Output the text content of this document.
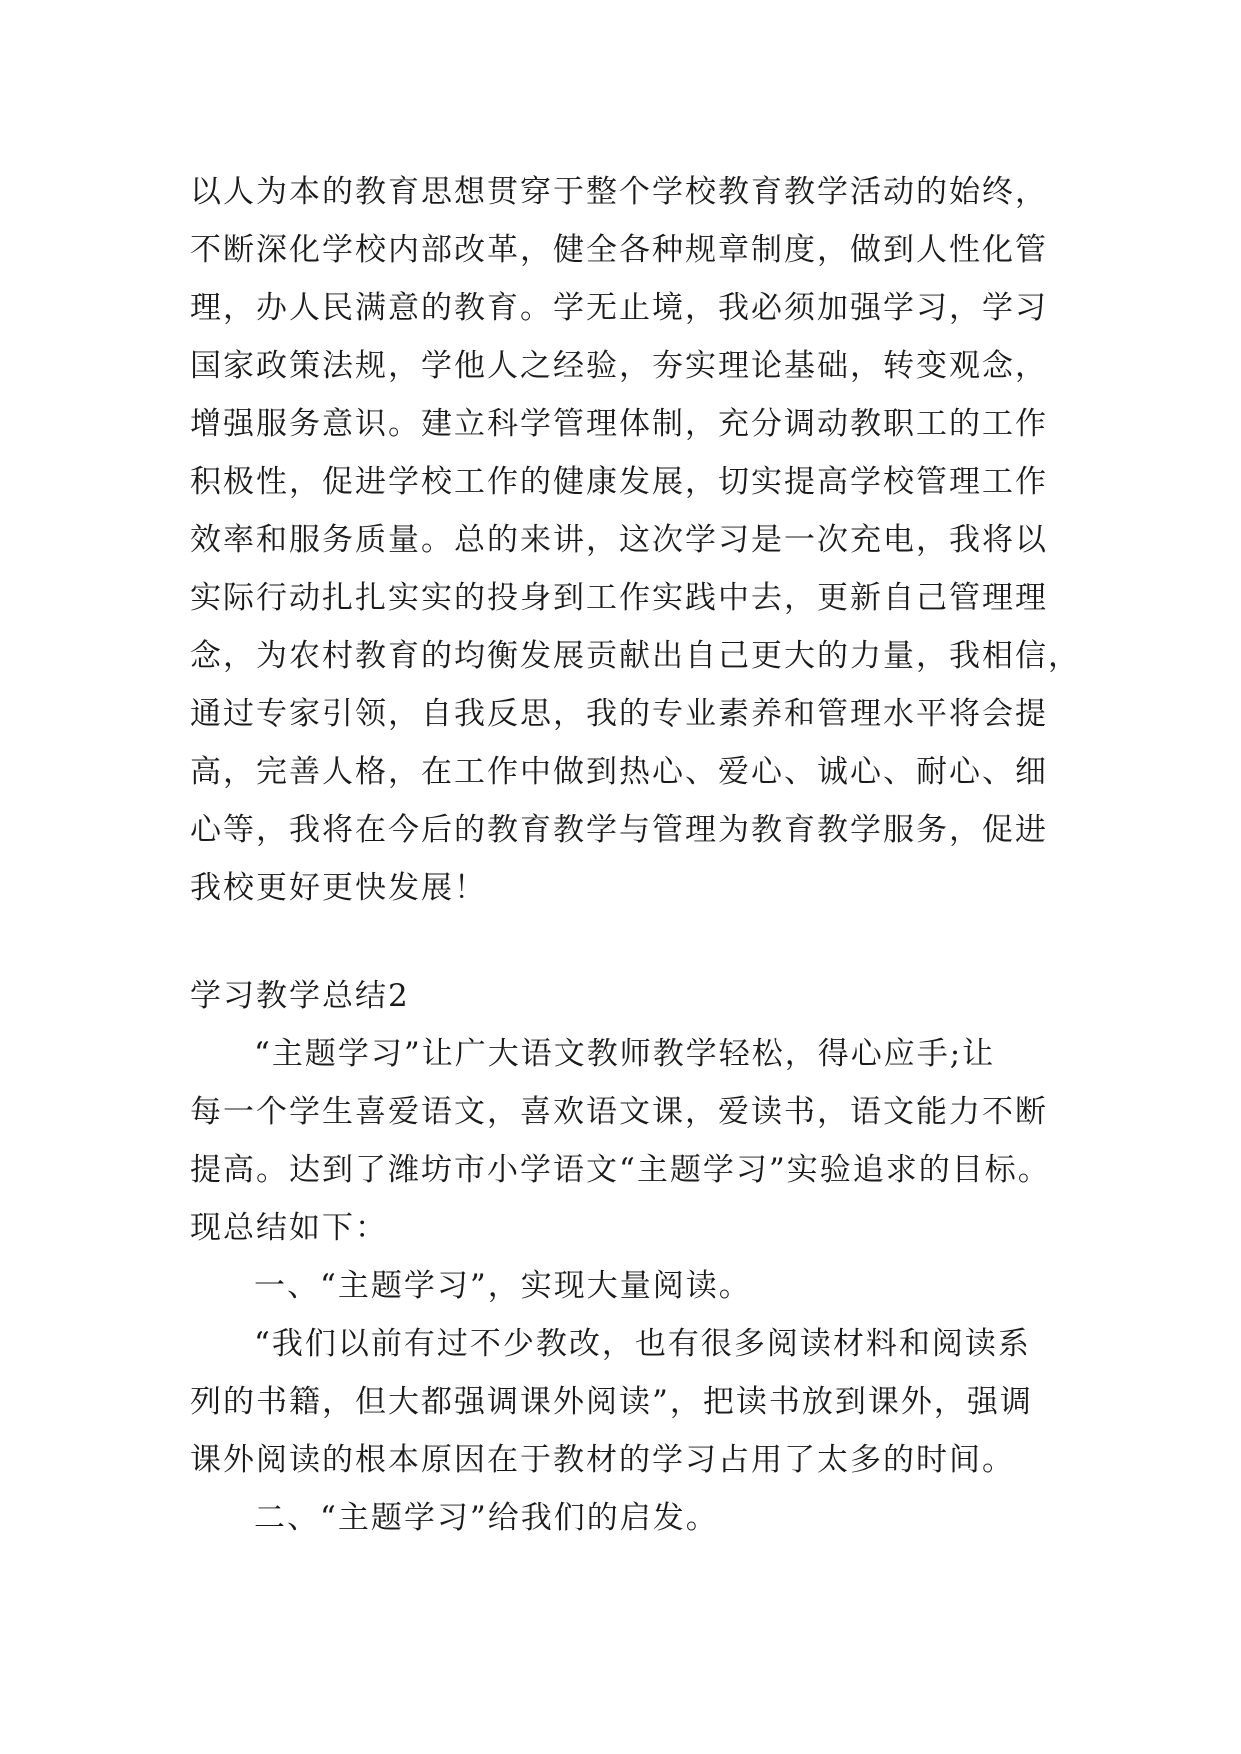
以人为本的教育思想贯穿于整个学校教育教学活动的始终，
不断深化学校内部改革，健全各种规章制度，做到人性化管
理，办人民满意的教育。学无止境，我必须加强学习，学习
国家政策法规，学他人之经验，夯实理论基础，转变观念，
增强服务意识。建立科学管理体制，充分调动教职工的工作
积极性，促进学校工作的健康发展，切实提高学校管理工作
效率和服务质量。总的来讲，这次学习是一次充电，我将以
实际行动扎扎实实的投身到工作实践中去，更新自己管理理
念，为农村教育的均衡发展贡献出自己更大的力量，我相信，
通过专家引领，自我反思，我的专业素养和管理水平将会提
高，完善人格，在工作中做到热心、爱心、诚心、耐心、细
心等，我将在今后的教育教学与管理为教育教学服务，促进
我校更好更快发展！
学习教学总结2
“主题学习”让广大语文教师教学轻松，得心应手;让
每一个学生喜爱语文，喜欢语文课，爱读书，语文能力不断
提高。达到了潍坊市小学语文“主题学习”实验追求的目标。
现总结如下：
一、“主题学习”，实现大量阅读。
“我们以前有过不少教改，也有很多阅读材料和阅读系
列的书籍，但大都强调课外阅读”，把读书放到课外，强调
课外阅读的根本原因在于教材的学习占用了太多的时间。
二、“主题学习”给我们的启发。
